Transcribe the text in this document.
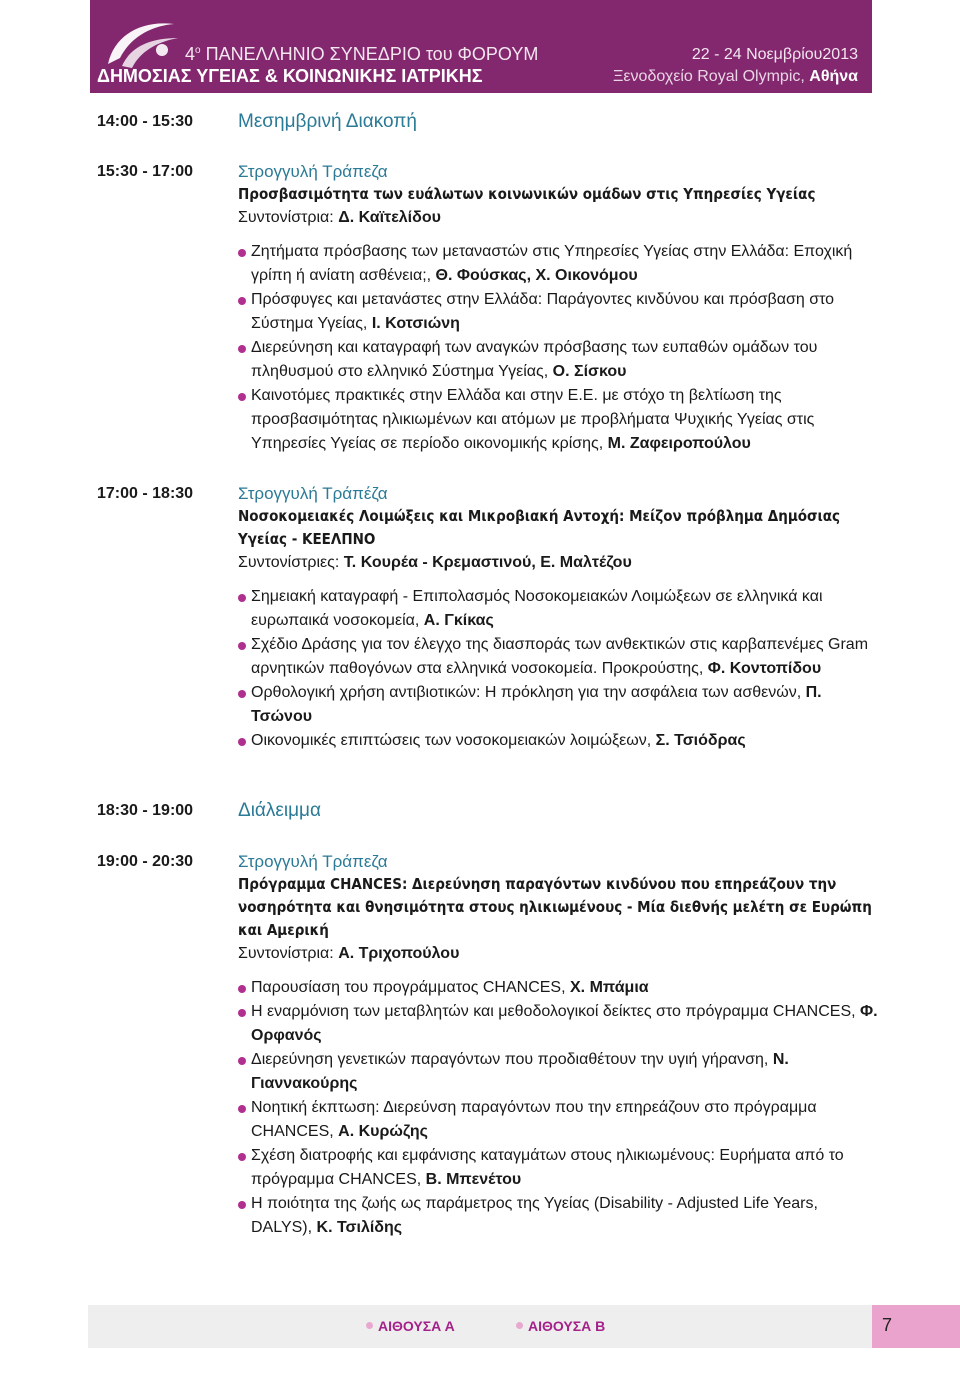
$4^o$ ΠΑΝΕΛΛΗΝΙΟ ΣΥΝΕΔΡΙΟ του ΦΟΡΟΥΜ
ΔΗΜΟΣΙΑΣ ΥΓΕΙΑΣ & ΚΟΙΝΩΝΙΚΗΣ ΙΑΤΡΙΚΗΣ
22 - 24 Νοεμβρίου2013
Ξενοδοχείο Royal Olympic, Αθήνα
14:00 - 15:30 Μεσημβρινή Διακοπή
15:30 - 17:00	Στρογγυλή Τράπεζα
Προσβασιμότητα των ευάλωτων κοινωνικών ομάδων στις Υπηρεσίες Υγείας
Συντονίστρια: Δ. Καϊτελίδου
Ζητήματα πρόσβασης των μεταναστών στις Υπηρεσίες Υγείας στην Ελλάδα: Εποχική γρίπη ή ανίατη ασθένεια;, Θ. Φούσκας, Χ. Οικονόμου
Πρόσφυγες και μετανάστες στην Ελλάδα: Παράγοντες κινδύνου και πρόσβαση στο Σύστημα Υγείας, Ι. Κοτσιώνη
Διερεύνηση και καταγραφή των αναγκών πρόσβασης των ευπαθών ομάδων του πληθυσμού στο ελληνικό Σύστημα Υγείας, Ο. Σίσκου
Καινοτόμες πρακτικές στην Ελλάδα και στην Ε.Ε. με στόχο τη βελτίωση της προσβασιμότητας ηλικιωμένων και ατόμων με προβλήματα Ψυχικής Υγείας στις Υπηρεσίες Υγείας σε περίοδο οικονομικής κρίσης, Μ. Ζαφειροπούλου
17:00 - 18:30	Στρογγυλή Τράπέζα
Νοσοκομειακές Λοιμώξεις και Μικροβιακή Αντοχή: Μείζον πρόβλημα Δημόσιας Υγείας - ΚΕΕΛΠΝΟ
Συντονίστριες: Τ. Κουρέα - Κρεμαστινού, Ε. Μαλτέζου
Σημειακή καταγραφή - Επιπολασμός Νοσοκομειακών Λοιμώξεων σε ελληνικά και ευρωπαικά νοσοκομεία, Α. Γκίκας
Σχέδιο Δράσης για τον έλεγχο της διασποράς των ανθεκτικών στις καρβαπενέμες Gram αρνητικών παθογόνων στα ελληνικά νοσοκομεία. Προκρούστης, Φ. Κοντοπίδου
Ορθολογική χρήση αντιβιοτικών: Η πρόκληση για την ασφάλεια των ασθενών, Π. Τσώνου
Οικονομικές επιπτώσεις των νοσοκομειακών λοιμώξεων, Σ. Τσιόδρας
18:30 - 19:00 Διάλειμμα
19:00 - 20:30	Στρογγυλή Τράπεζα
Πρόγραμμα CHANCES: Διερεύνηση παραγόντων κινδύνου που επηρεάζουν την νοσηρότητα και θνησιμότητα στους ηλικιωμένους - Μία διεθνής μελέτη σε Ευρώπη και Αμερική
Συντονίστρια: Α. Τριχοπούλου
Παρουσίαση του προγράμματος CHANCES, Χ. Μπάμια
Η εναρμόνιση των μεταβλητών και μεθοδολογικοί δείκτες στο πρόγραμμα CHANCES, Φ. Ορφανός
Διερεύνηση γενετικών παραγόντων που προδιαθέτουν την υγιή γήρανση, Ν. Γιαννακούρης
Νοητική έκπτωση: Διερεύνση παραγόντων που την επηρεάζουν στο πρόγραμμα CHANCES, Α. Κυρώζης
Σχέση διατροφής και εμφάνισης καταγμάτων στους ηλικιωμένους: Ευρήματα από το πρόγραμμα CHANCES, Β. Μπενέτου
Η ποιότητα της ζωής ως παράμετρος της Υγείας (Disability - Adjusted Life Years, DALYS), Κ. Τσιλίδης
ΑΙΘΟΥΣΑ Α	ΑΙΘΟΥΣΑ Β	7
